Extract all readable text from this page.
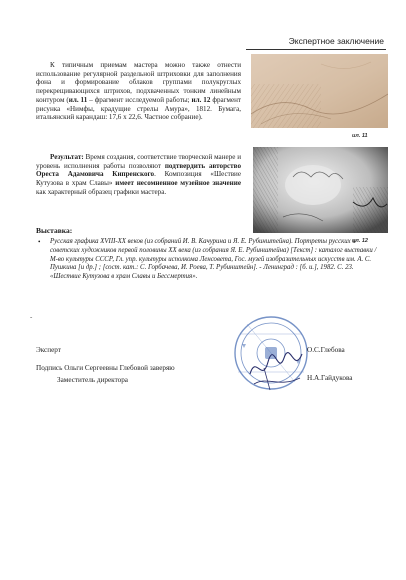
Экспертное заключение
К типичным приемам мастера можно также отнести использование регулярной раздельной штриховки для заполнения фона и формирование облаков группами полукруглых перекрещивающихся штрихов, подхваченных тонким линейным контуром (ил. 11 – фрагмент исследуемой работы; ил. 12 фрагмент рисунка «Нимфы, крадущие стрелы Амура», 1812. Бумага, итальянский карандаш: 17,6 х 22,6. Частное собрание).
Результат: Время создания, соответствие творческой манере и уровень исполнения работы позволяют подтвердить авторство Ореста Адамовича Кипренского. Композиция «Шествие Кутузова в храм Славы» имеет несомненное музейное значение как характерный образец графики мастера.
ил. 11
ил. 12
Выставка:
• Русская графика XVIII-XX веков (из собраний И. В. Качурина и Я. Е. Рубинштейна). Портреты русских и советских художников первой половины XX века (из собрания Я. Е. Рубинштейна) [Текст] : каталог выставки / М-во культуры СССР, Гл. упр. культуры исполкома Ленсовета, Гос. музей изобразительных искусств им. А. С. Пушкина [и др.] ; [сост. кат.: С. Горбачева, И. Роева, Т. Рубинштейн]. - Ленинград : [б. и.], 1982. С. 23. «Шествие Кутузова в храм Славы и Бессмертия».
-
Эксперт	О.С.Глебова
Подпись Ольги Сергеевны Глебовой заверяю
Заместитель директора	Н.А.Гайдукова
